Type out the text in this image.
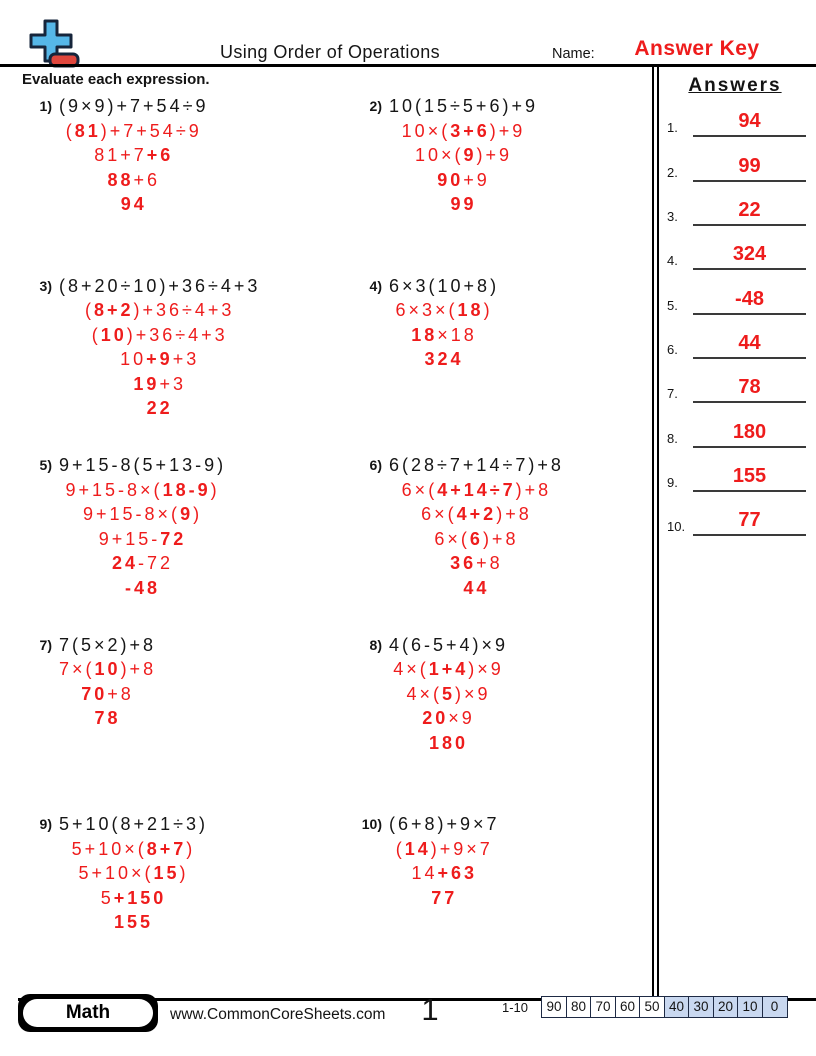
Using Order of Operations	Name:	Answer Key
Evaluate each expression.
1) (9×9)+7+54÷9
(81)+7+54÷9
81+7+6
88+6
94
2) 10(15÷5+6)+9
10×(3+6)+9
10×(9)+9
90+9
99
3) (8+20÷10)+36÷4+3
(8+2)+36÷4+3
(10)+36÷4+3
10+9+3
19+3
22
4) 6×3(10+8)
6×3×(18)
18×18
324
5) 9+15-8(5+13-9)
9+15-8×(18-9)
9+15-8×(9)
9+15-72
24-72
-48
6) 6(28÷7+14÷7)+8
6×(4+14÷7)+8
6×(4+2)+8
6×(6)+8
36+8
44
7) 7(5×2)+8
7×(10)+8
70+8
78
8) 4(6-5+4)×9
4×(1+4)×9
4×(5)×9
20×9
180
9) 5+10(8+21÷3)
5+10×(8+7)
5+10×(15)
5+150
155
10) (6+8)+9×7
(14)+9×7
14+63
77
Answers
1.	94
2.	99
3.	22
4.	324
5.	-48
6.	44
7.	78
8.	180
9.	155
10.	77
Math	www.CommonCoreSheets.com	1	1-10	90 80 70 60 50 40 30 20 10 0
